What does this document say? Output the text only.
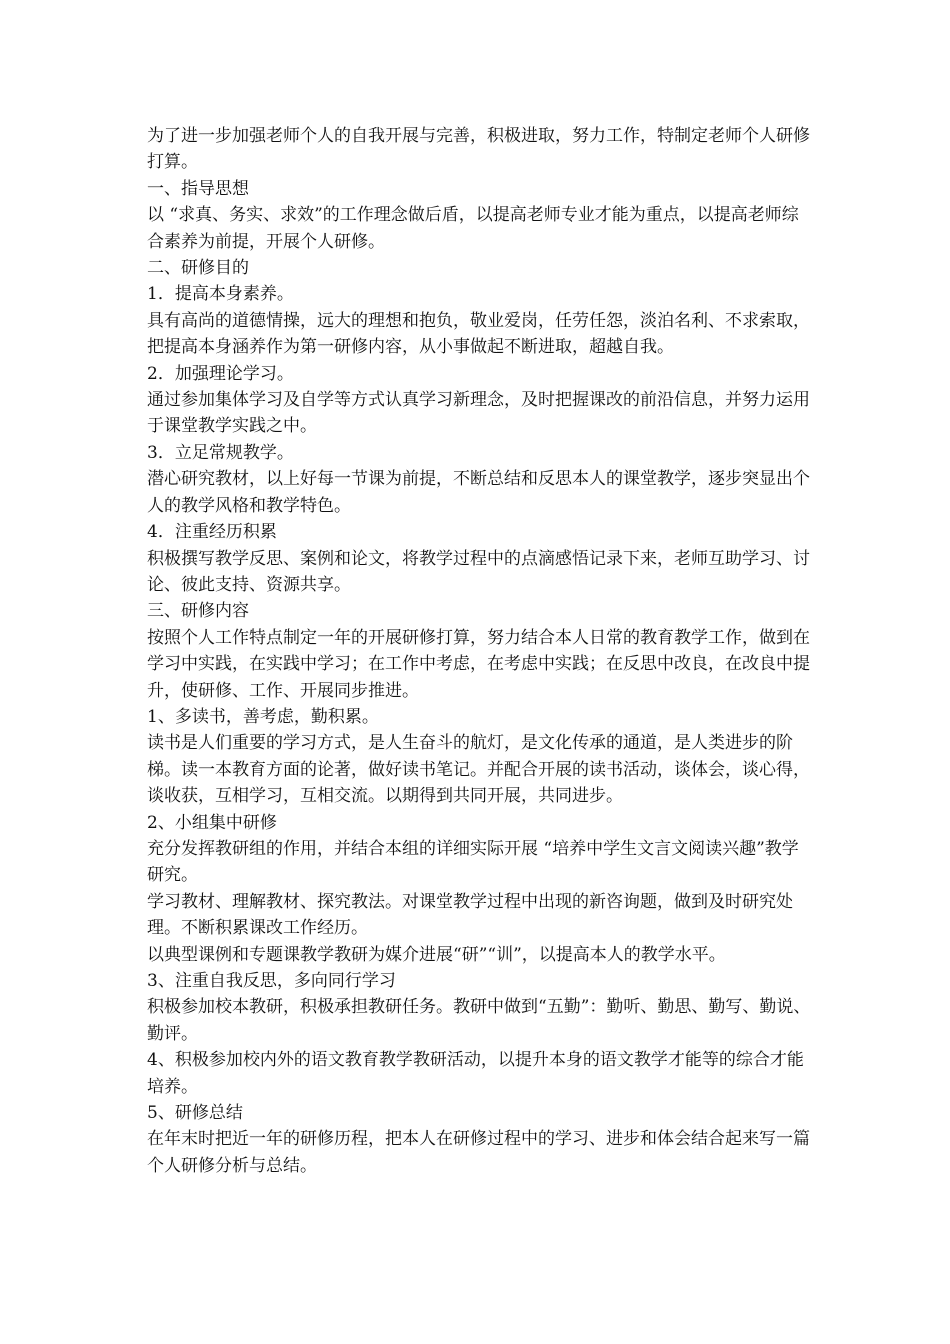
为了进一步加强老师个人的自我开展与完善，积极进取，努力工作，特制定老师个人研修打算。

一、指导思想

以 “求真、务实、求效”的工作理念做后盾，以提高老师专业才能为重点，以提高老师综合素养为前提，开展个人研修。

二、研修目的

1．提高本身素养。

具有高尚的道德情操，远大的理想和抱负，敬业爱岗，任劳任怨，淡泊名利、不求索取，把提高本身涵养作为第一研修内容，从小事做起不断进取，超越自我。

2．加强理论学习。

通过参加集体学习及自学等方式认真学习新理念，及时把握课改的前沿信息，并努力运用于课堂教学实践之中。

3．立足常规教学。

潜心研究教材，以上好每一节课为前提，不断总结和反思本人的课堂教学，逐步突显出个人的教学风格和教学特色。

4．注重经历积累

积极撰写教学反思、案例和论文，将教学过程中的点滴感悟记录下来，老师互助学习、讨论、彼此支持、资源共享。

三、研修内容

按照个人工作特点制定一年的开展研修打算，努力结合本人日常的教育教学工作，做到在学习中实践，在实践中学习；在工作中考虑，在考虑中实践；在反思中改良，在改良中提升，使研修、工作、开展同步推进。

1、多读书，善考虑，勤积累。

读书是人们重要的学习方式，是人生奋斗的航灯，是文化传承的通道，是人类进步的阶梯。读一本教育方面的论著，做好读书笔记。并配合开展的读书活动，谈体会，谈心得，谈收获，互相学习，互相交流。以期得到共同开展，共同进步。

2、小组集中研修

充分发挥教研组的作用，并结合本组的详细实际开展 “培养中学生文言文阅读兴趣”教学研究。

学习教材、理解教材、探究教法。对课堂教学过程中出现的新咨询题，做到及时研究处理。不断积累课改工作经历。

以典型课例和专题课教学教研为媒介进展“研”“训”，以提高本人的教学水平。

3、注重自我反思，多向同行学习

积极参加校本教研，积极承担教研任务。教研中做到“五勤”：勤听、勤思、勤写、勤说、勤评。

4、积极参加校内外的语文教育教学教研活动，以提升本身的语文教学才能等的综合才能培养。

5、研修总结

在年末时把近一年的研修历程，把本人在研修过程中的学习、进步和体会结合起来写一篇个人研修分析与总结。
